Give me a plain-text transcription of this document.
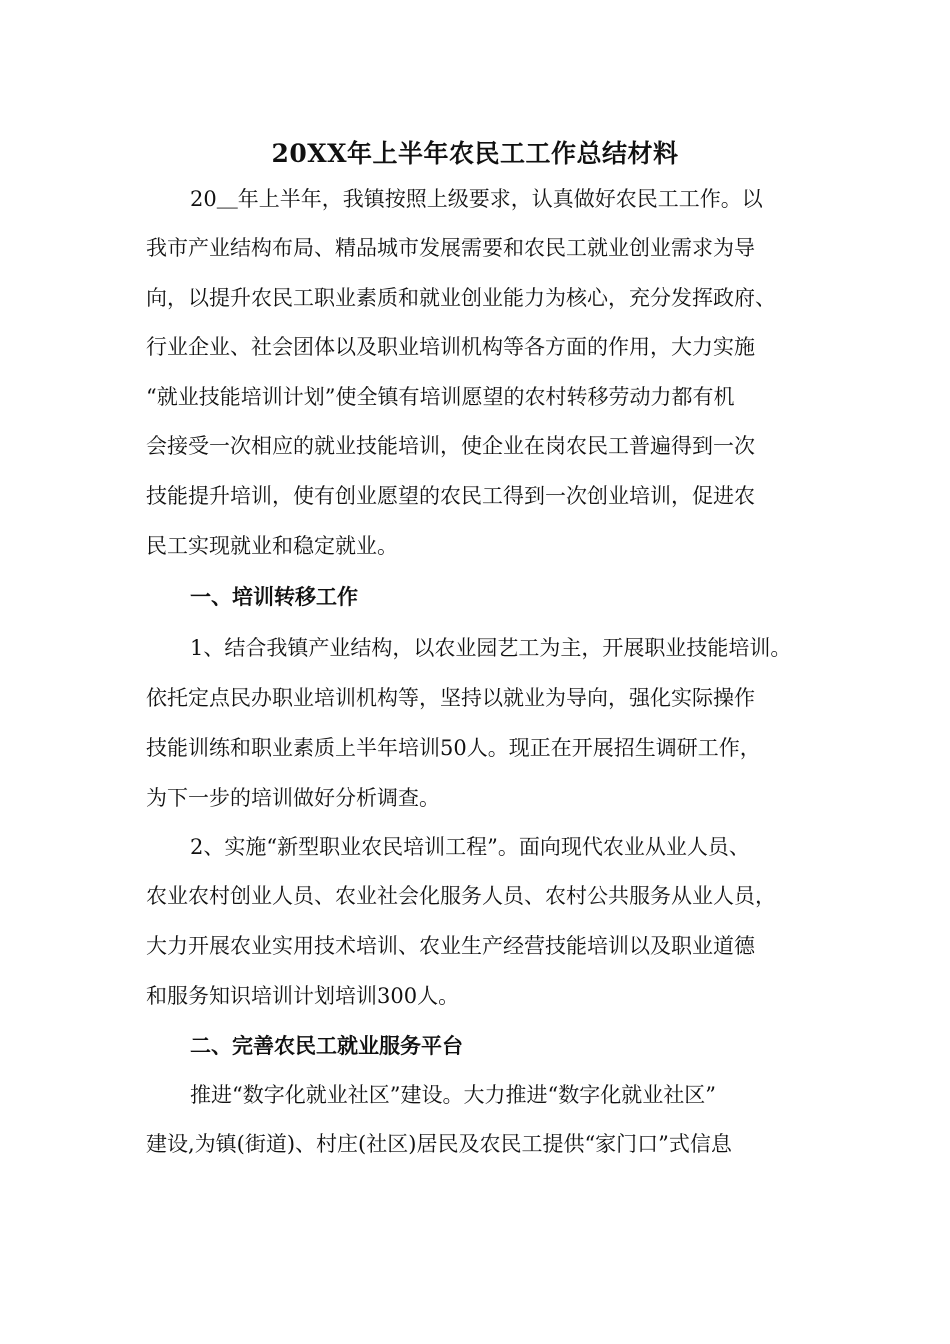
20XX年上半年农民工工作总结材料

20＿年上半年，我镇按照上级要求，认真做好农民工工作。以

我市产业结构布局、精品城市发展需要和农民工就业创业需求为导

向，以提升农民工职业素质和就业创业能力为核心，充分发挥政府、

行业企业、社会团体以及职业培训机构等各方面的作用，大力实施

“就业技能培训计划”使全镇有培训愿望的农村转移劳动力都有机

会接受一次相应的就业技能培训，使企业在岗农民工普遍得到一次

技能提升培训，使有创业愿望的农民工得到一次创业培训，促进农

民工实现就业和稳定就业。

一、培训转移工作

1、结合我镇产业结构，以农业园艺工为主，开展职业技能培训。

依托定点民办职业培训机构等，坚持以就业为导向，强化实际操作

技能训练和职业素质上半年培训50人。现正在开展招生调研工作，

为下一步的培训做好分析调查。

2、实施“新型职业农民培训工程”。面向现代农业从业人员、

农业农村创业人员、农业社会化服务人员、农村公共服务从业人员，

大力开展农业实用技术培训、农业生产经营技能培训以及职业道德

和服务知识培训计划培训300人。

二、完善农民工就业服务平台

推进“数字化就业社区”建设。大力推进“数字化就业社区”

建设,为镇(街道)、村庄(社区)居民及农民工提供“家门口”式信息
